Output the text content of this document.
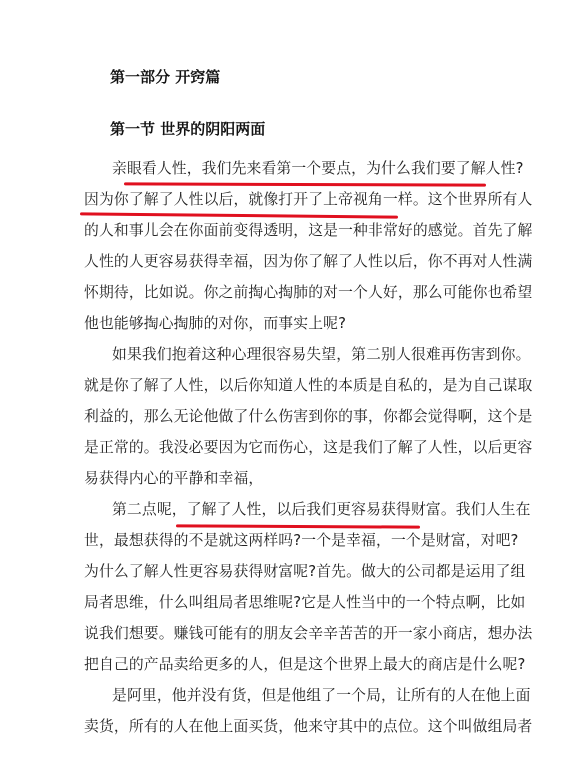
第一部分 开窍篇
第一节 世界的阴阳两面
亲眼看人性，我们先来看第一个要点，为什么我们要了解人性?
因为你了解了人性以后，就像打开了上帝视角一样。这个世界所有人
的人和事儿会在你面前变得透明，这是一种非常好的感觉。首先了解
人性的人更容易获得幸福，因为你了解了人性以后，你不再对人性满
怀期待，比如说。你之前掏心掏肺的对一个人好，那么可能你也希望
他也能够掏心掏肺的对你，而事实上呢?
如果我们抱着这种心理很容易失望，第二别人很难再伤害到你。
就是你了解了人性，以后你知道人性的本质是自私的，是为自己谋取
利益的，那么无论他做了什么伤害到你的事，你都会觉得啊，这个是
是正常的。我没必要因为它而伤心，这是我们了解了人性，以后更容
易获得内心的平静和幸福，
第二点呢，了解了人性，以后我们更容易获得财富。我们人生在
世，最想获得的不是就这两样吗?一个是幸福，一个是财富，对吧?
为什么了解人性更容易获得财富呢?首先。做大的公司都是运用了组
局者思维，什么叫组局者思维呢?它是人性当中的一个特点啊，比如
说我们想要。赚钱可能有的朋友会辛辛苦苦的开一家小商店，想办法
把自己的产品卖给更多的人，但是这个世界上最大的商店是什么呢?
是阿里，他并没有货，但是他组了一个局，让所有的人在他上面
卖货，所有的人在他上面买货，他来守其中的点位。这个叫做组局者
